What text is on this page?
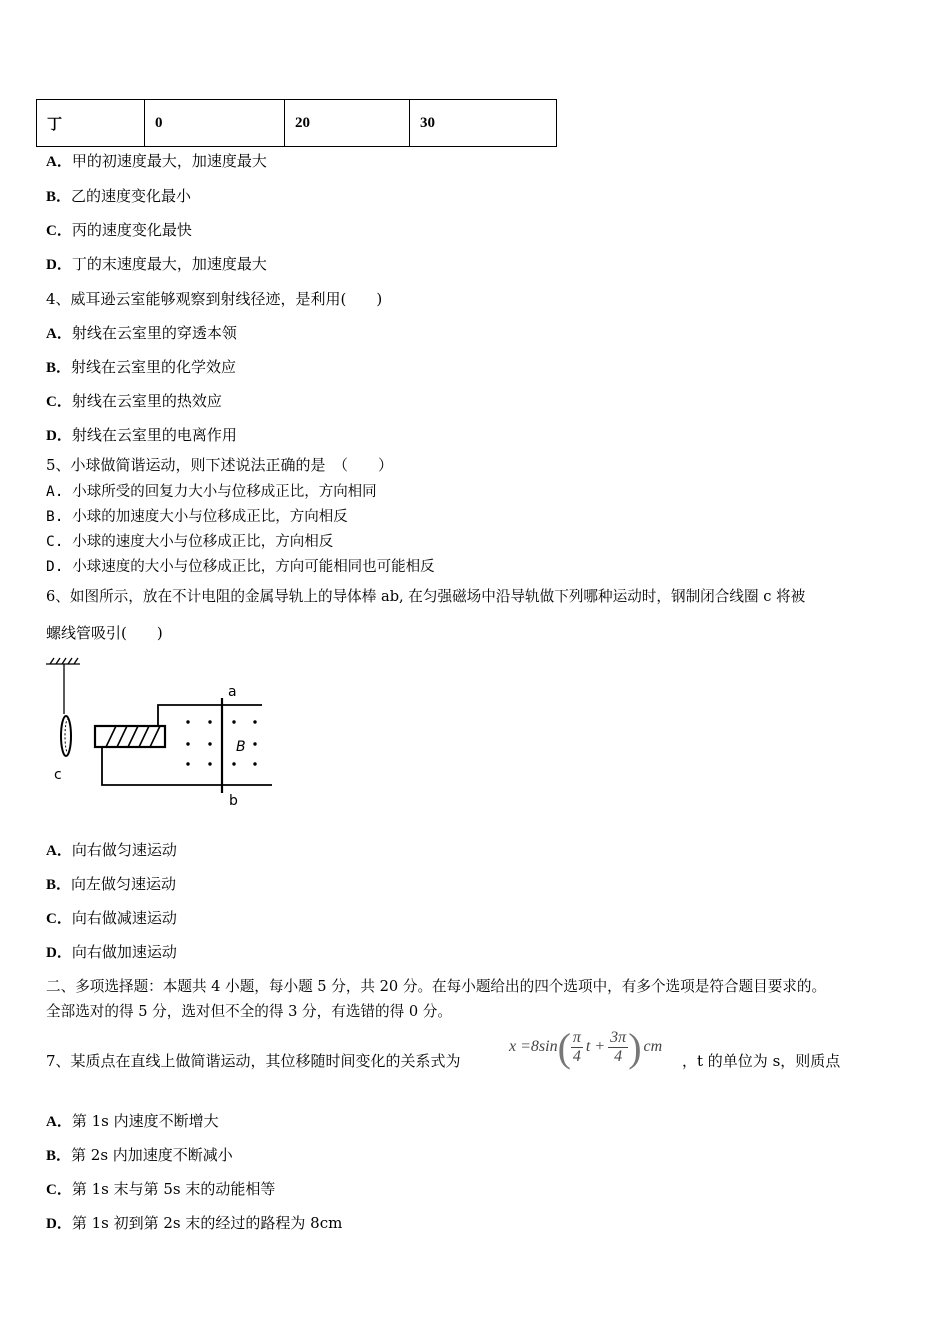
丁	0	20	30
A．甲的初速度最大，加速度最大
B．乙的速度变化最小
C．丙的速度变化最快
D．丁的末速度最大，加速度最大
4、威耳逊云室能够观察到射线径迹，是利用(　　)
A．射线在云室里的穿透本领
B．射线在云室里的化学效应
C．射线在云室里的热效应
D．射线在云室里的电离作用
5、小球做简谐运动，则下述说法正确的是　（　　）
A. 小球所受的回复力大小与位移成正比，方向相同
B. 小球的加速度大小与位移成正比，方向相反
C. 小球的速度大小与位移成正比，方向相反
D. 小球速度的大小与位移成正比，方向可能相同也可能相反
6、如图所示，放在不计电阻的金属导轨上的导体棒 ab, 在匀强磁场中沿导轨做下列哪种运动时，钢制闭合线圈 c 将被
螺线管吸引(　　)
c
a
b
B
A．向右做匀速运动
B．向左做匀速运动
C．向右做减速运动
D．向右做加速运动
二、多项选择题：本题共 4 小题，每小题 5 分，共 20 分。在每小题给出的四个选项中，有多个选项是符合题目要求的。
全部选对的得 5 分，选对但不全的得 3 分，有选错的得 0 分。
7、某质点在直线上做简谐运动，其位移随时间变化的关系式为
$x =8\sin( \frac{\pi}{4}$ $t + \frac{3\pi}{4}$ ) cm
，t 的单位为 s，则质点
A．第 1s 内速度不断增大
B．第 2s 内加速度不断减小
C．第 1s 末与第 5s 末的动能相等
D．第 1s 初到第 2s 末的经过的路程为 8cm
